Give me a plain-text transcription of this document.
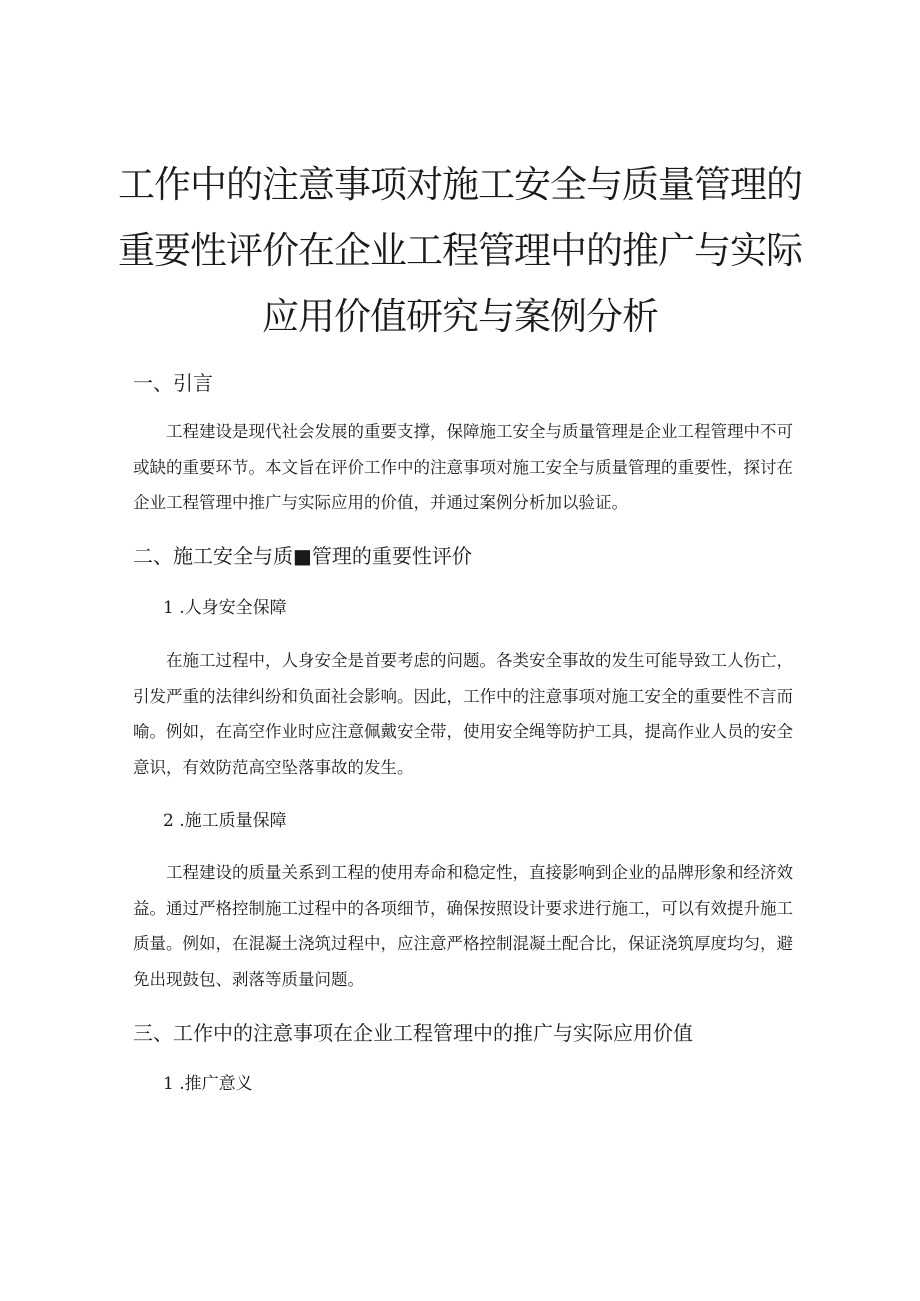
工作中的注意事项对施工安全与质量管理的
重要性评价在企业工程管理中的推广与实际
应用价值研究与案例分析
一、引言
工程建设是现代社会发展的重要支撑，保障施工安全与质量管理是企业工程管理中不可或缺的重要环节。本文旨在评价工作中的注意事项对施工安全与质量管理的重要性，探讨在企业工程管理中推广与实际应用的价值，并通过案例分析加以验证。
二、施工安全与质■管理的重要性评价
1 .人身安全保障
在施工过程中，人身安全是首要考虑的问题。各类安全事故的发生可能导致工人伤亡，引发严重的法律纠纷和负面社会影响。因此，工作中的注意事项对施工安全的重要性不言而喻。例如，在高空作业时应注意佩戴安全带，使用安全绳等防护工具，提高作业人员的安全意识，有效防范高空坠落事故的发生。
2 .施工质量保障
工程建设的质量关系到工程的使用寿命和稳定性，直接影响到企业的品牌形象和经济效益。通过严格控制施工过程中的各项细节，确保按照设计要求进行施工，可以有效提升施工质量。例如，在混凝土浇筑过程中，应注意严格控制混凝土配合比，保证浇筑厚度均匀，避免出现鼓包、剥落等质量问题。
三、工作中的注意事项在企业工程管理中的推广与实际应用价值
1 .推广意义
